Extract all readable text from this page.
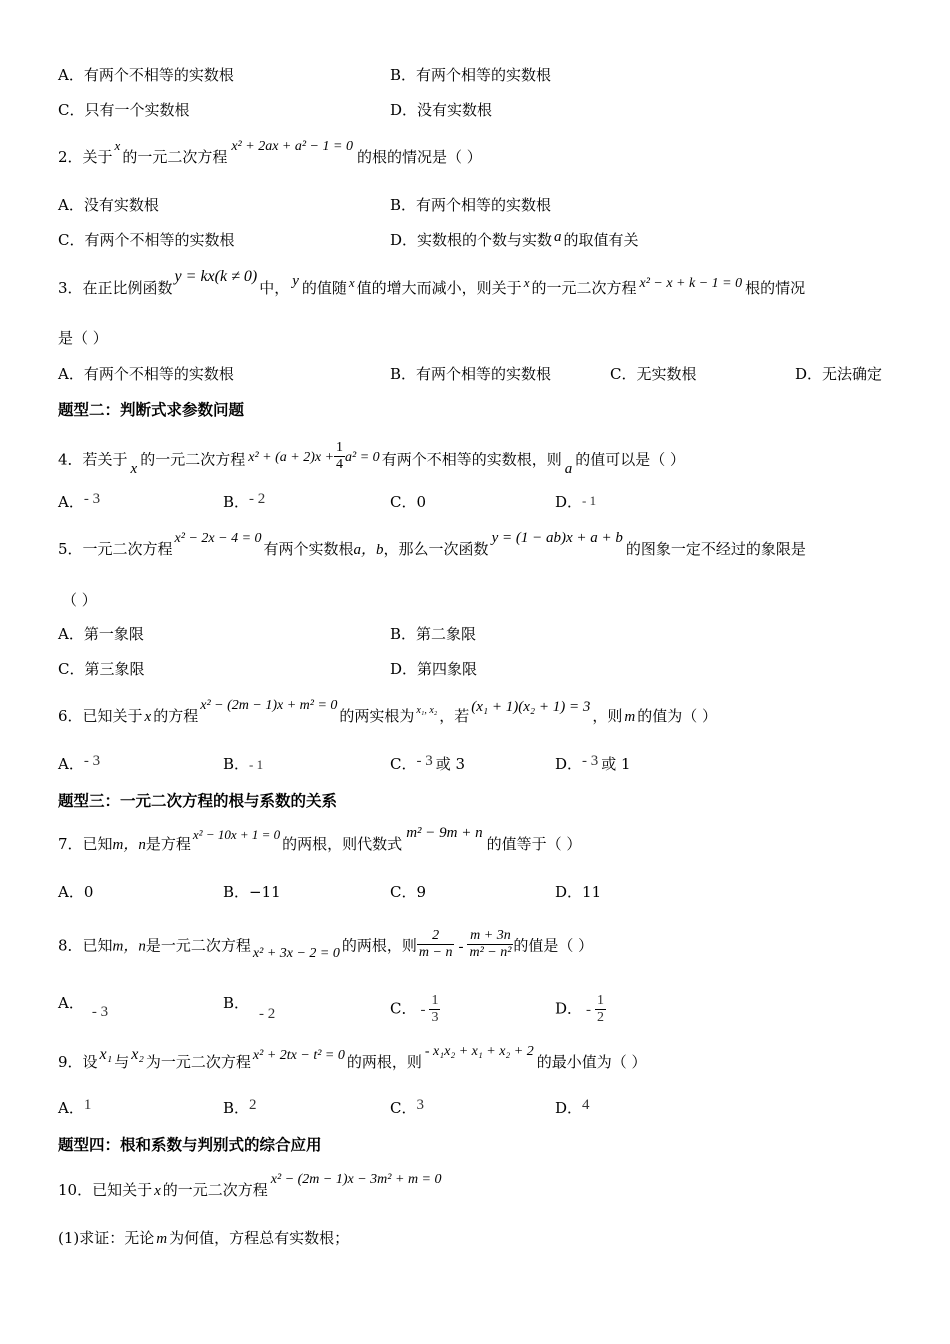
A．有两个不相等的实数根	B．有两个相等的实数根
C．只有一个实数根	D．没有实数根
2．关于x的一元二次方程x² + 2ax + a² − 1 = 0的根的情况是（ ）
A．没有实数根	B．有两个相等的实数根
C．有两个不相等的实数根	D．实数根的个数与实数 a 的取值有关
3．在正比例函数y = kx(k ≠ 0)中， y 的值随 x 值的增大而减小，则关于 x 的一元二次方程 x² − x + k − 1 = 0 根的情况
是（ ）
A．有两个不相等的实数根	B．有两个相等的实数根	C．无实数根	D．无法确定
题型二：判断式求参数问题
4．若关于 x 的一元二次方程 $x^2 + (a + 2)x + \frac{1}{4} a^2 = 0$ 有两个不相等的实数根，则 a 的值可以是（ ）
A．- 3	B．- 2	C．0	D．- 1
5．一元二次方程x² − 2x − 4 = 0有两个实数根a，b，那么一次函数y = (1 − ab)x + a + b的图象一定不经过的象限是
（ ）
A．第一象限	B．第二象限
C．第三象限	D．第四象限
6．已知关于 x 的方程x² − (2m − 1)x + m² = 0的两实根为 $^{x_1, x_2}$ ，若 (x₁ + 1)(x₂ + 1) = 3 ，则 m 的值为（ ）
A．- 3	B．- 1	C．- 3 或 3	D．- 3 或 1
题型三：一元二次方程的根与系数的关系
7．已知m，n是方程x² − 10x + 1 = 0的两根，则代数式m² − 9m + n的值等于（ ）
A．0	B．−11	C．9	D．11
8．已知m，n是一元二次方程 x² + 3x − 2 = 0 的两根，则 $\frac{2}{m - n} - \frac{m + 3n}{\text{m² − n²}}$ 的值是（ ）
A． - 3	B．- 2	C． - $\frac{1}{3}$	D． - $\frac{1}{2}$
9．设 x₁ 与 x₂ 为一元二次方程 x² + 2tx − t² = 0 的两根，则- x₁x₂ + x₁ + x₂ + 2的最小值为（ ）
A．1	B．2	C．3	D．4
题型四：根和系数与判别式的综合应用
10．已知关于 x 的一元二次方程x² − (2m − 1)x − 3m² + m = 0
(1)求证：无论 m 为何值，方程总有实数根；
